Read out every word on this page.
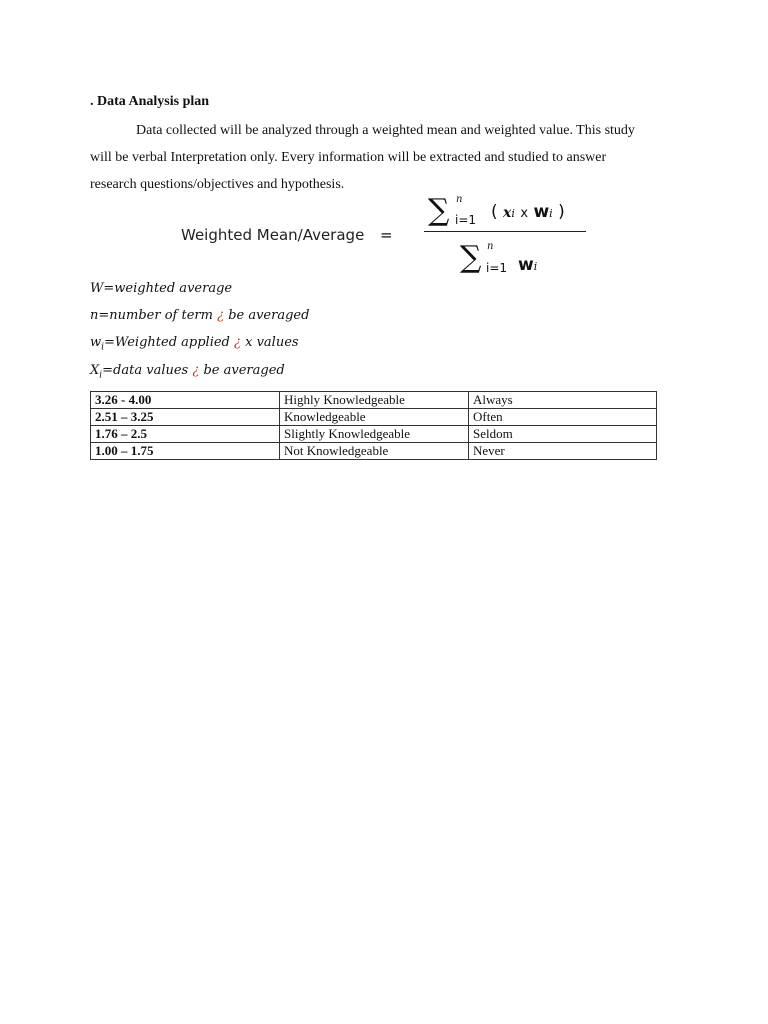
. Data Analysis plan
Data collected will be analyzed through a weighted mean and weighted value. This study
will be verbal Interpretation only. Every information will be extracted and studied to answer
research questions/objectives and hypothesis.
Weighted Mean/Average =
∑ n
i=1 ( xi x wi )
∑ n
i=1 wi
W=weighted average
n=number of term ¿ be averaged
$w_i=Weighted$ applied ¿ x values
$X_i=data$ values ¿ be averaged
3.26 - 4.00	Highly Knowledgeable	Always
2.51 – 3.25	Knowledgeable	Often
1.76 – 2.5	Slightly Knowledgeable	Seldom
1.00 – 1.75	Not Knowledgeable	Never
